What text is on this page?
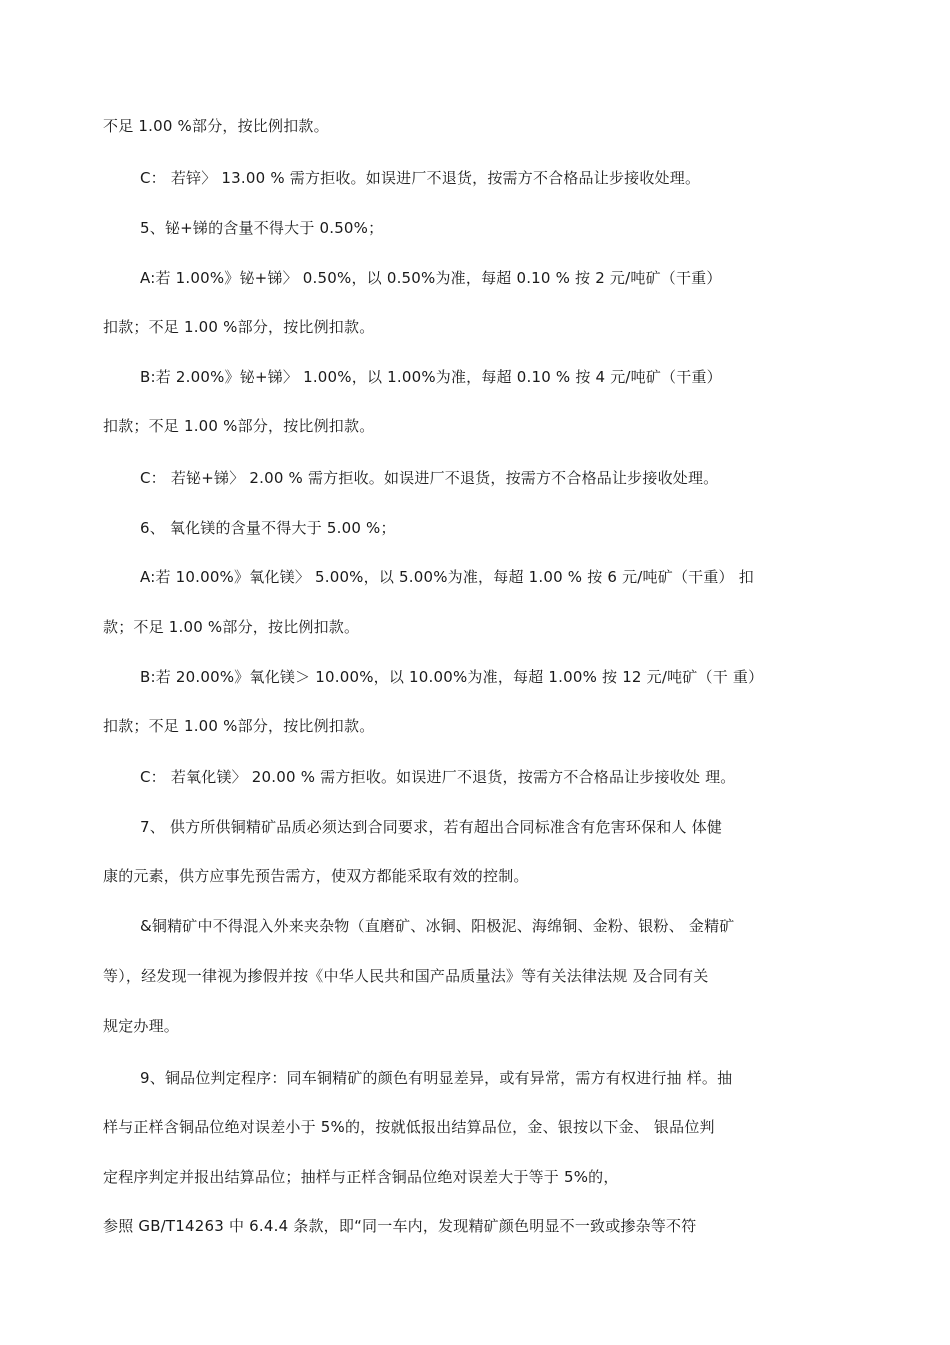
不足 1.00 %部分，按比例扣款。
C： 若锌〉 13.00 % 需方拒收。如误进厂不退货，按需方不合格品让步接收处理。
5、铋+锑的含量不得大于 0.50%；
A:若 1.00%》铋+锑〉 0.50%，以 0.50%为准，每超 0.10 % 按 2 元/吨矿（干重）
扣款；不足 1.00 %部分，按比例扣款。
B:若 2.00%》铋+锑〉 1.00%，以 1.00%为准，每超 0.10 % 按 4 元/吨矿（干重）
扣款；不足 1.00 %部分，按比例扣款。
C： 若铋+锑〉 2.00 % 需方拒收。如误进厂不退货，按需方不合格品让步接收处理。
6、 氧化镁的含量不得大于 5.00 %；
A:若 10.00%》氧化镁〉 5.00%，以 5.00%为准，每超 1.00 % 按 6 元/吨矿（干重） 扣
款；不足 1.00 %部分，按比例扣款。
B:若 20.00%》氧化镁＞ 10.00%，以 10.00%为准，每超 1.00% 按 12 元/吨矿（干 重）
扣款；不足 1.00 %部分，按比例扣款。
C： 若氧化镁〉 20.00 % 需方拒收。如误进厂不退货，按需方不合格品让步接收处 理。
7、 供方所供铜精矿品质必须达到合同要求，若有超出合同标准含有危害环保和人 体健
康的元素，供方应事先预告需方，使双方都能采取有效的控制。
&铜精矿中不得混入外来夹杂物（直磨矿、冰铜、阳极泥、海绵铜、金粉、银粉、 金精矿
等），经发现一律视为掺假并按《中华人民共和国产品质量法》等有关法律法规 及合同有关
规定办理。
9、铜品位判定程序：同车铜精矿的颜色有明显差异，或有异常，需方有权进行抽 样。抽
样与正样含铜品位绝对误差小于 5%的，按就低报出结算品位，金、银按以下金、 银品位判
定程序判定并报出结算品位；抽样与正样含铜品位绝对误差大于等于 5%的，
参照 GB/T14263 中 6.4.4 条款，即“同一车内，发现精矿颜色明显不一致或掺杂等不符
